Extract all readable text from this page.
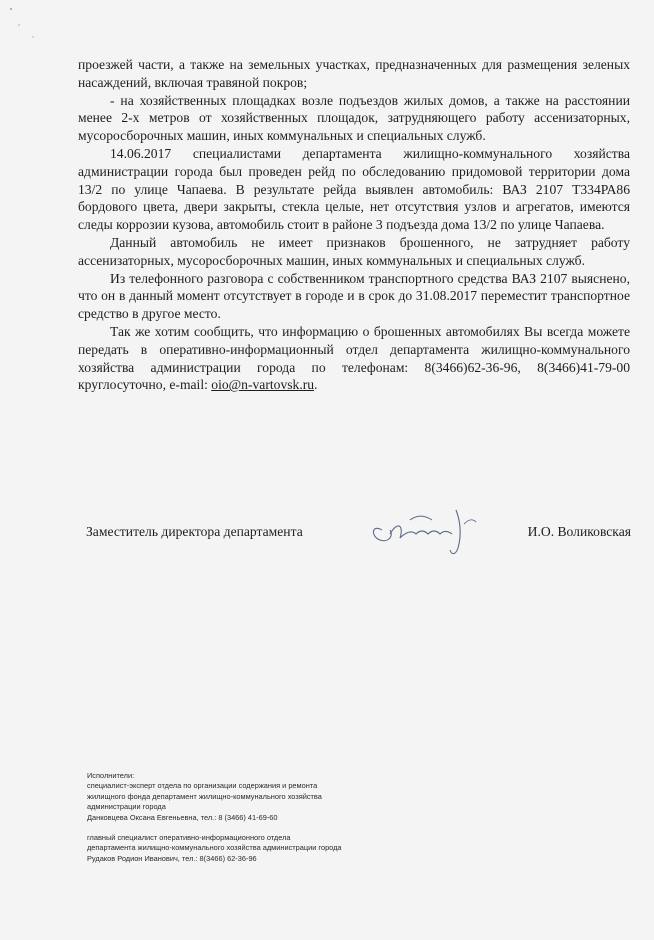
проезжей части, а также на земельных участках, предназначенных для размещения зеленых насаждений, включая травяной покров;

- на хозяйственных площадках возле подъездов жилых домов, а также на расстоянии менее 2-х метров от хозяйственных площадок, затрудняющего работу ассенизаторных, мусоросборочных машин, иных коммунальных и специальных служб.

14.06.2017 специалистами департамента жилищно-коммунального хозяйства администрации города был проведен рейд по обследованию придомовой территории дома 13/2 по улице Чапаева. В результате рейда выявлен автомобиль: ВАЗ 2107 Т334РА86 бордового цвета, двери закрыты, стекла целые, нет отсутствия узлов и агрегатов, имеются следы коррозии кузова, автомобиль стоит в районе 3 подъезда дома 13/2 по улице Чапаева.

Данный автомобиль не имеет признаков брошенного, не затрудняет работу ассенизаторных, мусоросборочных машин, иных коммунальных и специальных служб.

Из телефонного разговора с собственником транспортного средства ВАЗ 2107 выяснено, что он в данный момент отсутствует в городе и в срок до 31.08.2017 переместит транспортное средство в другое место.

Так же хотим сообщить, что информацию о брошенных автомобилях Вы всегда можете передать в оперативно-информационный отдел департамента жилищно-коммунального хозяйства администрации города по телефонам: 8(3466)62-36-96, 8(3466)41-79-00 круглосуточно, e-mail: oio@n-vartovsk.ru.

Заместитель директора департамента	И.О. Воликовская
Исполнители:
специалист-эксперт отдела по организации содержания и ремонта
жилищного фонда департамент жилищно-коммунального хозяйства
администрации города
Данковцева Оксана Евгеньевна, тел.: 8 (3466) 41-69-60
главный специалист оперативно-информационного отдела
департамента жилищно-коммунального хозяйства администрации города
Рудаков Родион Иванович, тел.: 8(3466) 62-36-96
